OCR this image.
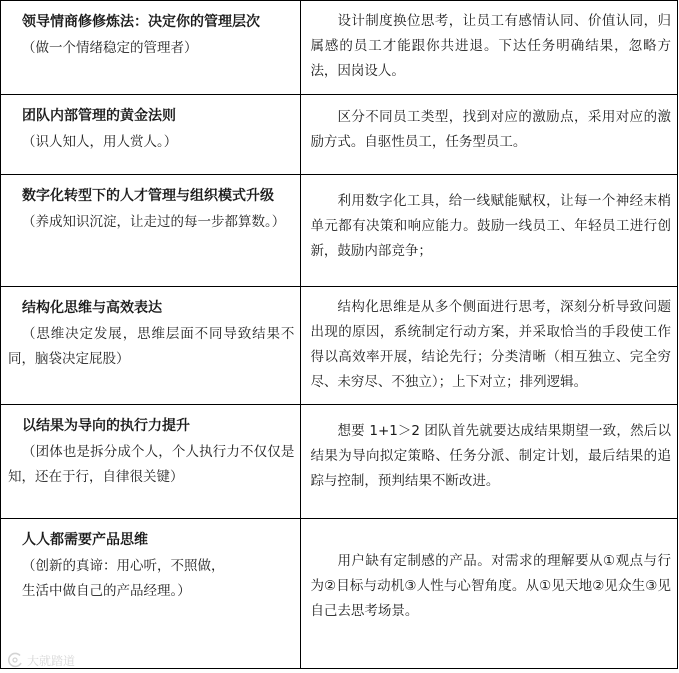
领导情商修修炼法：决定你的管理层次
（做一个情绪稳定的管理者）	设计制度换位思考，让员工有感情认同、价值认同，归属感的员工才能跟你共进退。下达任务明确结果，忽略方法，因岗设人。

团队内部管理的黄金法则
（识人知人，用人赏人。）	区分不同员工类型，找到对应的激励点，采用对应的激励方式。自驱性员工，任务型员工。

数字化转型下的人才管理与组织模式升级
（养成知识沉淀，让走过的每一步都算数。）	利用数字化工具，给一线赋能赋权，让每一个神经末梢单元都有决策和响应能力。鼓励一线员工、年轻员工进行创新，鼓励内部竞争；

结构化思维与高效表达
（思维决定发展，思维层面不同导致结果不同，脑袋决定屁股）	结构化思维是从多个侧面进行思考，深刻分析导致问题出现的原因，系统制定行动方案，并采取恰当的手段使工作得以高效率开展，结论先行；分类清晰（相互独立、完全穷尽、未穷尽、不独立）；上下对立；排列逻辑。

以结果为导向的执行力提升
（团体也是拆分成个人，个人执行力不仅仅是知，还在于行，自律很关键）	想要 1+1＞2 团队首先就要达成结果期望一致，然后以结果为导向拟定策略、任务分派、制定计划，最后结果的追踪与控制，预判结果不断改进。

人人都需要产品思维
（创新的真谛：用心听，不照做，
生活中做自己的产品经理。）	用户缺有定制感的产品。对需求的理解要从①观点与行为②目标与动机③人性与心智角度。从①见天地②见众生③见自己去思考场景。
大就踏道
